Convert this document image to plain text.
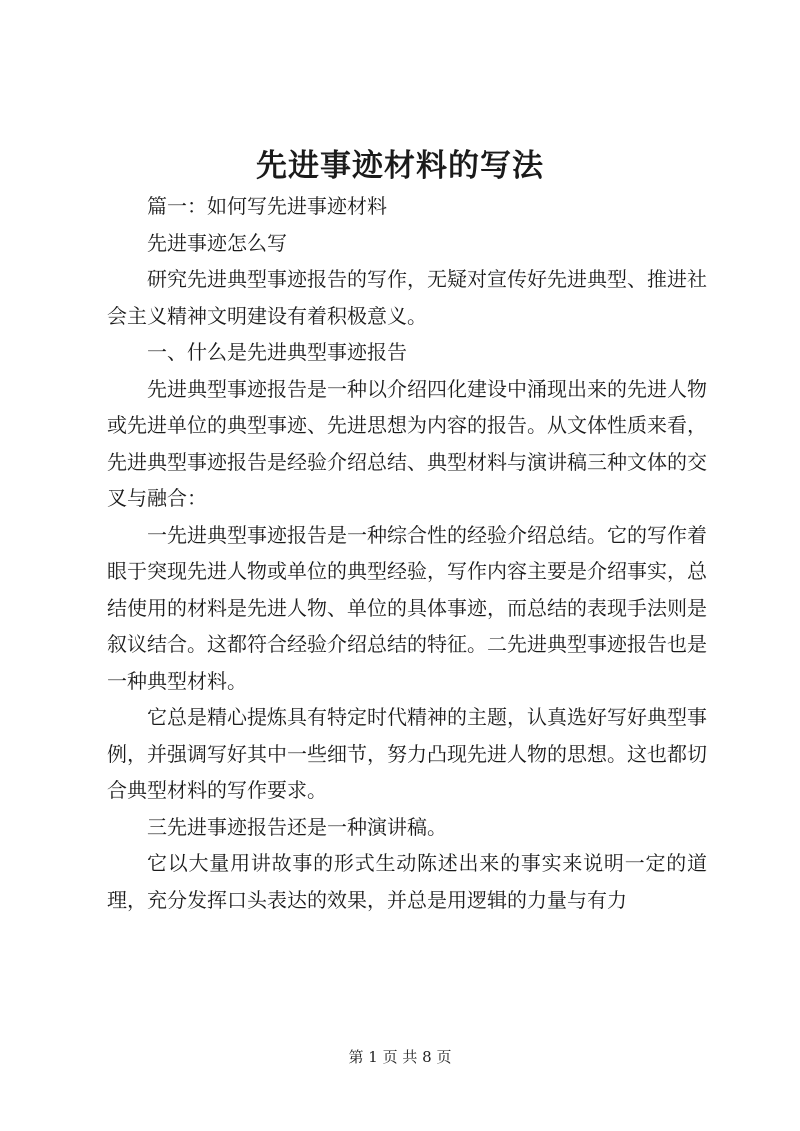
先进事迹材料的写法

篇一：如何写先进事迹材料

先进事迹怎么写

研究先进典型事迹报告的写作，无疑对宣传好先进典型、推进社会主义精神文明建设有着积极意义。

一、什么是先进典型事迹报告

先进典型事迹报告是一种以介绍四化建设中涌现出来的先进人物或先进单位的典型事迹、先进思想为内容的报告。从文体性质来看，先进典型事迹报告是经验介绍总结、典型材料与演讲稿三种文体的交叉与融合：

一先进典型事迹报告是一种综合性的经验介绍总结。它的写作着眼于突现先进人物或单位的典型经验，写作内容主要是介绍事实，总结使用的材料是先进人物、单位的具体事迹，而总结的表现手法则是叙议结合。这都符合经验介绍总结的特征。二先进典型事迹报告也是一种典型材料。

它总是精心提炼具有特定时代精神的主题，认真选好写好典型事例，并强调写好其中一些细节，努力凸现先进人物的思想。这也都切合典型材料的写作要求。

三先进事迹报告还是一种演讲稿。

它以大量用讲故事的形式生动陈述出来的事实来说明一定的道理，充分发挥口头表达的效果，并总是用逻辑的力量与有力

第 1 页 共 8 页
